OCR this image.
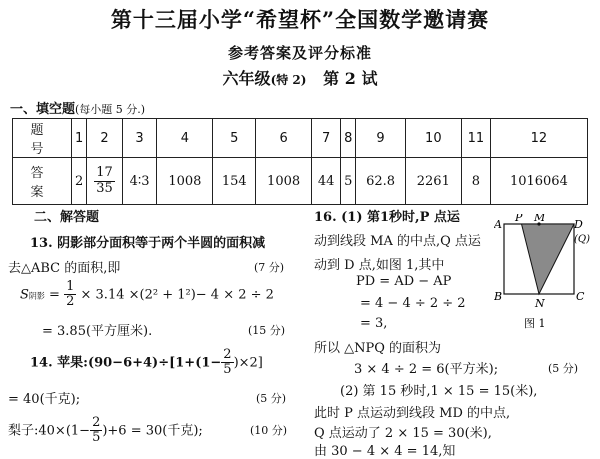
第十三届小学“希望杯”全国数学邀请赛
参考答案及评分标准
六年级(特 2) 第 2 试
一、填空题(每小题 5 分.)
题 号	1	2	3	4	5	6	7	8	9	10	11	12
答 案	2	$\frac{17}{35}$	4∶3	1008	154	1008	44	5	62.8	2261	8	1016064
二、解答题
13. 阴影部分面积等于两个半圆的面积减
去△ABC 的面积,即	(7 分)
S阴影 = $\frac{1}{2} \times 3.14 \times(2^2 + 1^2)- 4 \times 2 \div 2$
= 3.85(平方厘米).	(15 分)
14. 苹果:(90−6+4)÷[1+(1− $\frac{2}{5} )\times 2$]
= 40(千克);	(5 分)
梨子:40×(1− $\frac{2}{5} )+6 = 30$(千克);	(10 分)
16. (1) 第1秒时,P 点运
动到线段 MA 的中点,Q 点运
动到 D 点,如图 1,其中
PD = AD − AP
= 4 − 4 ÷ 2 ÷ 2
= 3,
所以 △NPQ 的面积为
3 × 4 ÷ 2 = 6(平方米);	(5 分)
(2) 第 15 秒时,1 × 15 = 15(米),
此时 P 点运动到线段 MD 的中点,
Q 点运动了 2 × 15 = 30(米),
由 30 − 4 × 4 = 14,知
A
P M
D
(Q)
B
N
C
图 1
